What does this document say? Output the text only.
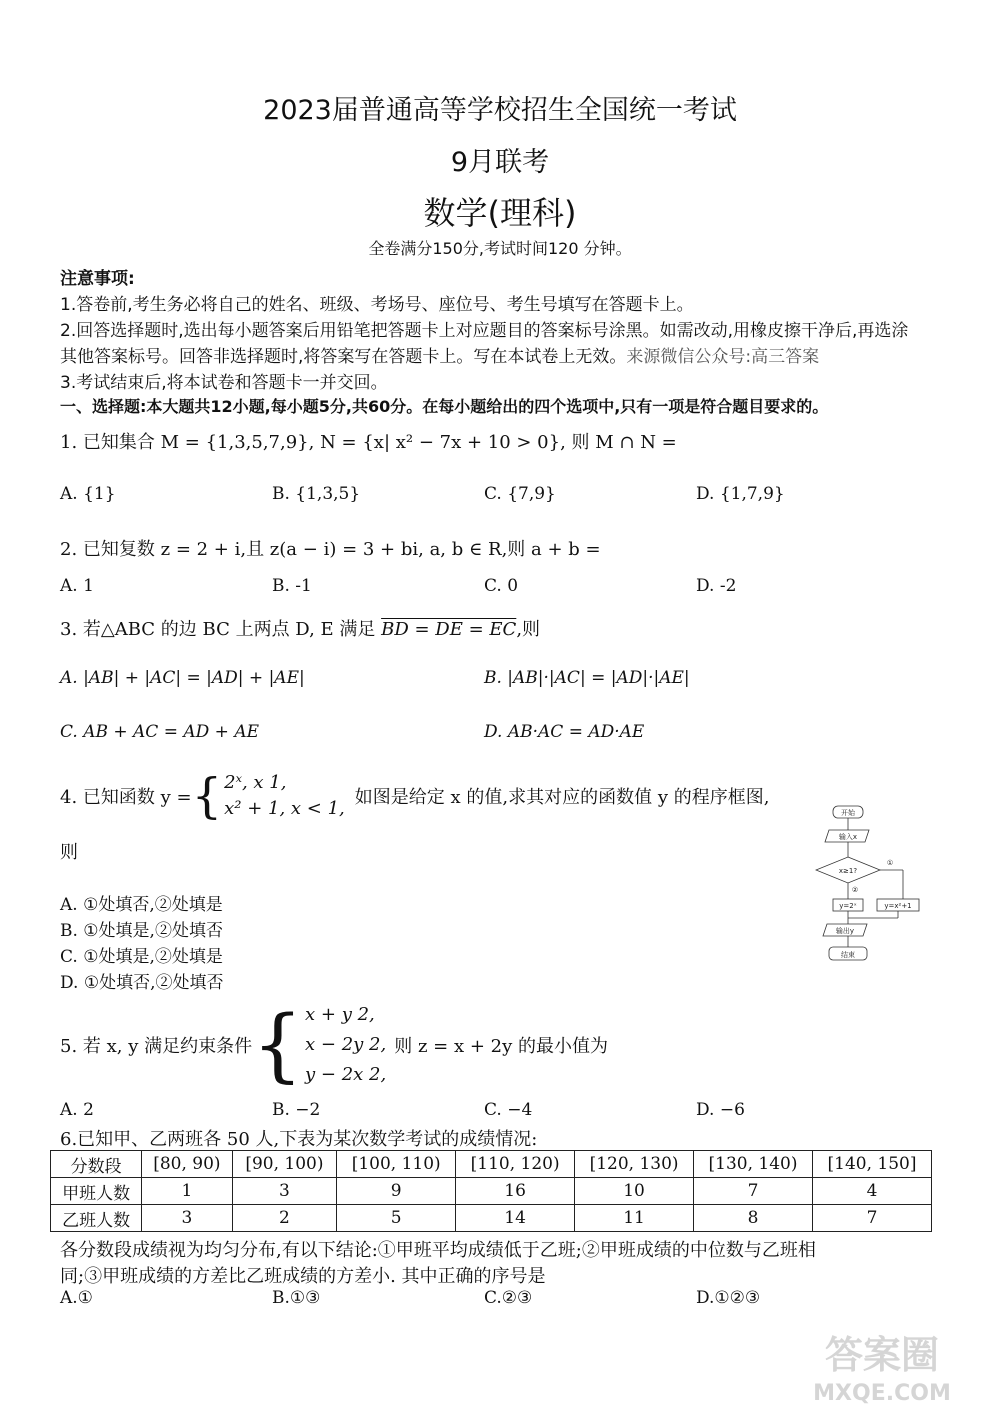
2023届普通高等学校招生全国统一考试
9月联考
数学(理科)
全卷满分150分,考试时间120 分钟。
注意事项:
1.答卷前,考生务必将自己的姓名、班级、考场号、座位号、考生号填写在答题卡上。
2.回答选择题时,选出每小题答案后用铅笔把答题卡上对应题目的答案标号涂黑。如需改动,用橡皮擦干净后,再选涂
其他答案标号。回答非选择题时,将答案写在答题卡上。写在本试卷上无效。来源微信公众号:高三答案
3.考试结束后,将本试卷和答题卡一并交回。
一、选择题:本大题共12小题,每小题5分,共60分。在每小题给出的四个选项中,只有一项是符合题目要求的。
1. 已知集合 M = {1,3,5,7,9}, N = {x| x² − 7x + 10 > 0}, 则 M ∩ N =
A. {1}	B. {1,3,5}	C. {7,9}	D. {1,7,9}
2. 已知复数 z = 2 + i,且 z(a − i) = 3 + bi, a, b ∈ R,则 a + b =
A. 1	B. -1	C. 0	D. -2
3. 若△ABC 的边 BC 上两点 D, E 满足 BD = DE = EC,则
A. |AB| + |AC| = |AD| + |AE|	B. |AB|·|AC| = |AD|·|AE|
C. AB + AC = AD + AE	D. AB·AC = AD·AE
4. 已知函数 y = { 2ˣ, x 1,
x² + 1, x < 1,
如图是给定 x 的值,求其对应的函数值 y 的程序框图,
则
A. ①处填否,②处填是
B. ①处填是,②处填否
C. ①处填是,②处填是
D. ①处填否,②处填否
开始
输入x
x≥1?
①
②
y=2ˣ	y=x²+1
输出y
结束
5. 若 x, y 满足约束条件 { x + y 2,
x − 2y 2,
y − 2x 2,
则 z = x + 2y 的最小值为
A. 2	B. −2	C. −4	D. −6
6.已知甲、乙两班各 50 人,下表为某次数学考试的成绩情况:
分数段	[80, 90)	[90, 100)	[100, 110)	[110, 120)	[120, 130)	[130, 140)	[140, 150]
甲班人数	1	3	9	16	10	7	4
乙班人数	3	2	5	14	11	8	7
各分数段成绩视为均匀分布,有以下结论:①甲班平均成绩低于乙班;②甲班成绩的中位数与乙班相
同;③甲班成绩的方差比乙班成绩的方差小. 其中正确的序号是
A.①	B.①③	C.②③	D.①②③
答案圈
MXQE.COM
